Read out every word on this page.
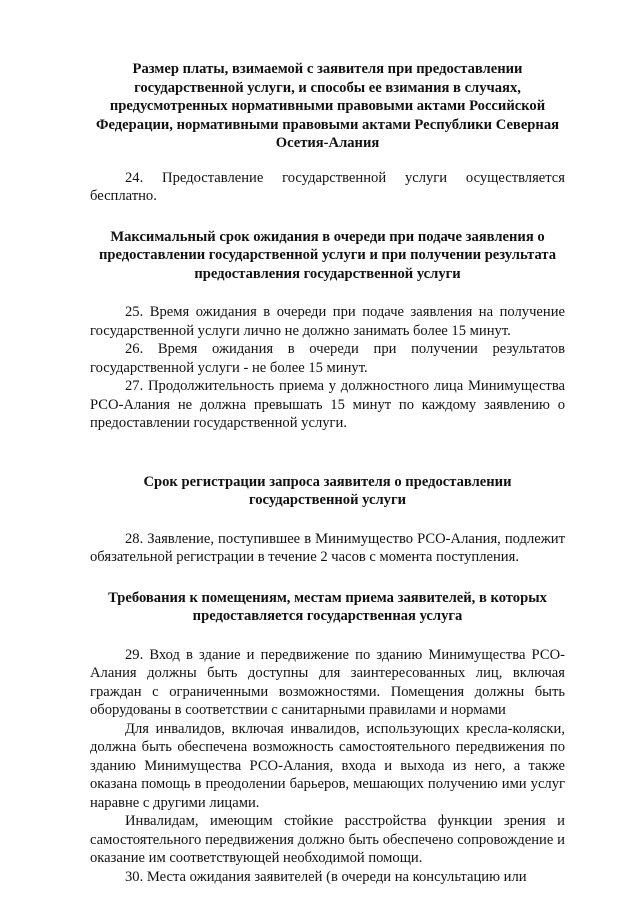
Размер платы, взимаемой с заявителя при предоставлении государственной услуги, и способы ее взимания в случаях, предусмотренных нормативными правовыми актами Российской Федерации, нормативными правовыми актами Республики Северная Осетия-Алания

24. Предоставление государственной услуги осуществляется бесплатно.

Максимальный срок ожидания в очереди при подаче заявления о предоставлении государственной услуги и при получении результата предоставления государственной услуги

25. Время ожидания в очереди при подаче заявления на получение государственной услуги лично не должно занимать более 15 минут.

26. Время ожидания в очереди при получении результатов государственной услуги - не более 15 минут.

27. Продолжительность приема у должностного лица Минимущества РСО-Алания не должна превышать 15 минут по каждому заявлению о предоставлении государственной услуги.

Срок регистрации запроса заявителя о предоставлении государственной услуги

28. Заявление, поступившее в Минимущество РСО-Алания, подлежит обязательной регистрации в течение 2 часов с момента поступления.

Требования к помещениям, местам приема заявителей, в которых предоставляется государственная услуга

29. Вход в здание и передвижение по зданию Минимущества РСО-Алания должны быть доступны для заинтересованных лиц, включая граждан с ограниченными возможностями. Помещения должны быть оборудованы в соответствии с санитарными правилами и нормами

Для инвалидов, включая инвалидов, использующих кресла-коляски, должна быть обеспечена возможность самостоятельного передвижения по зданию Минимущества РСО-Алания, входа и выхода из него, а также оказана помощь в преодолении барьеров, мешающих получению ими услуг наравне с другими лицами.

Инвалидам, имеющим стойкие расстройства функции зрения и самостоятельного передвижения должно быть обеспечено сопровождение и оказание им соответствующей необходимой помощи.

30. Места ожидания заявителей (в очереди на консультацию или
